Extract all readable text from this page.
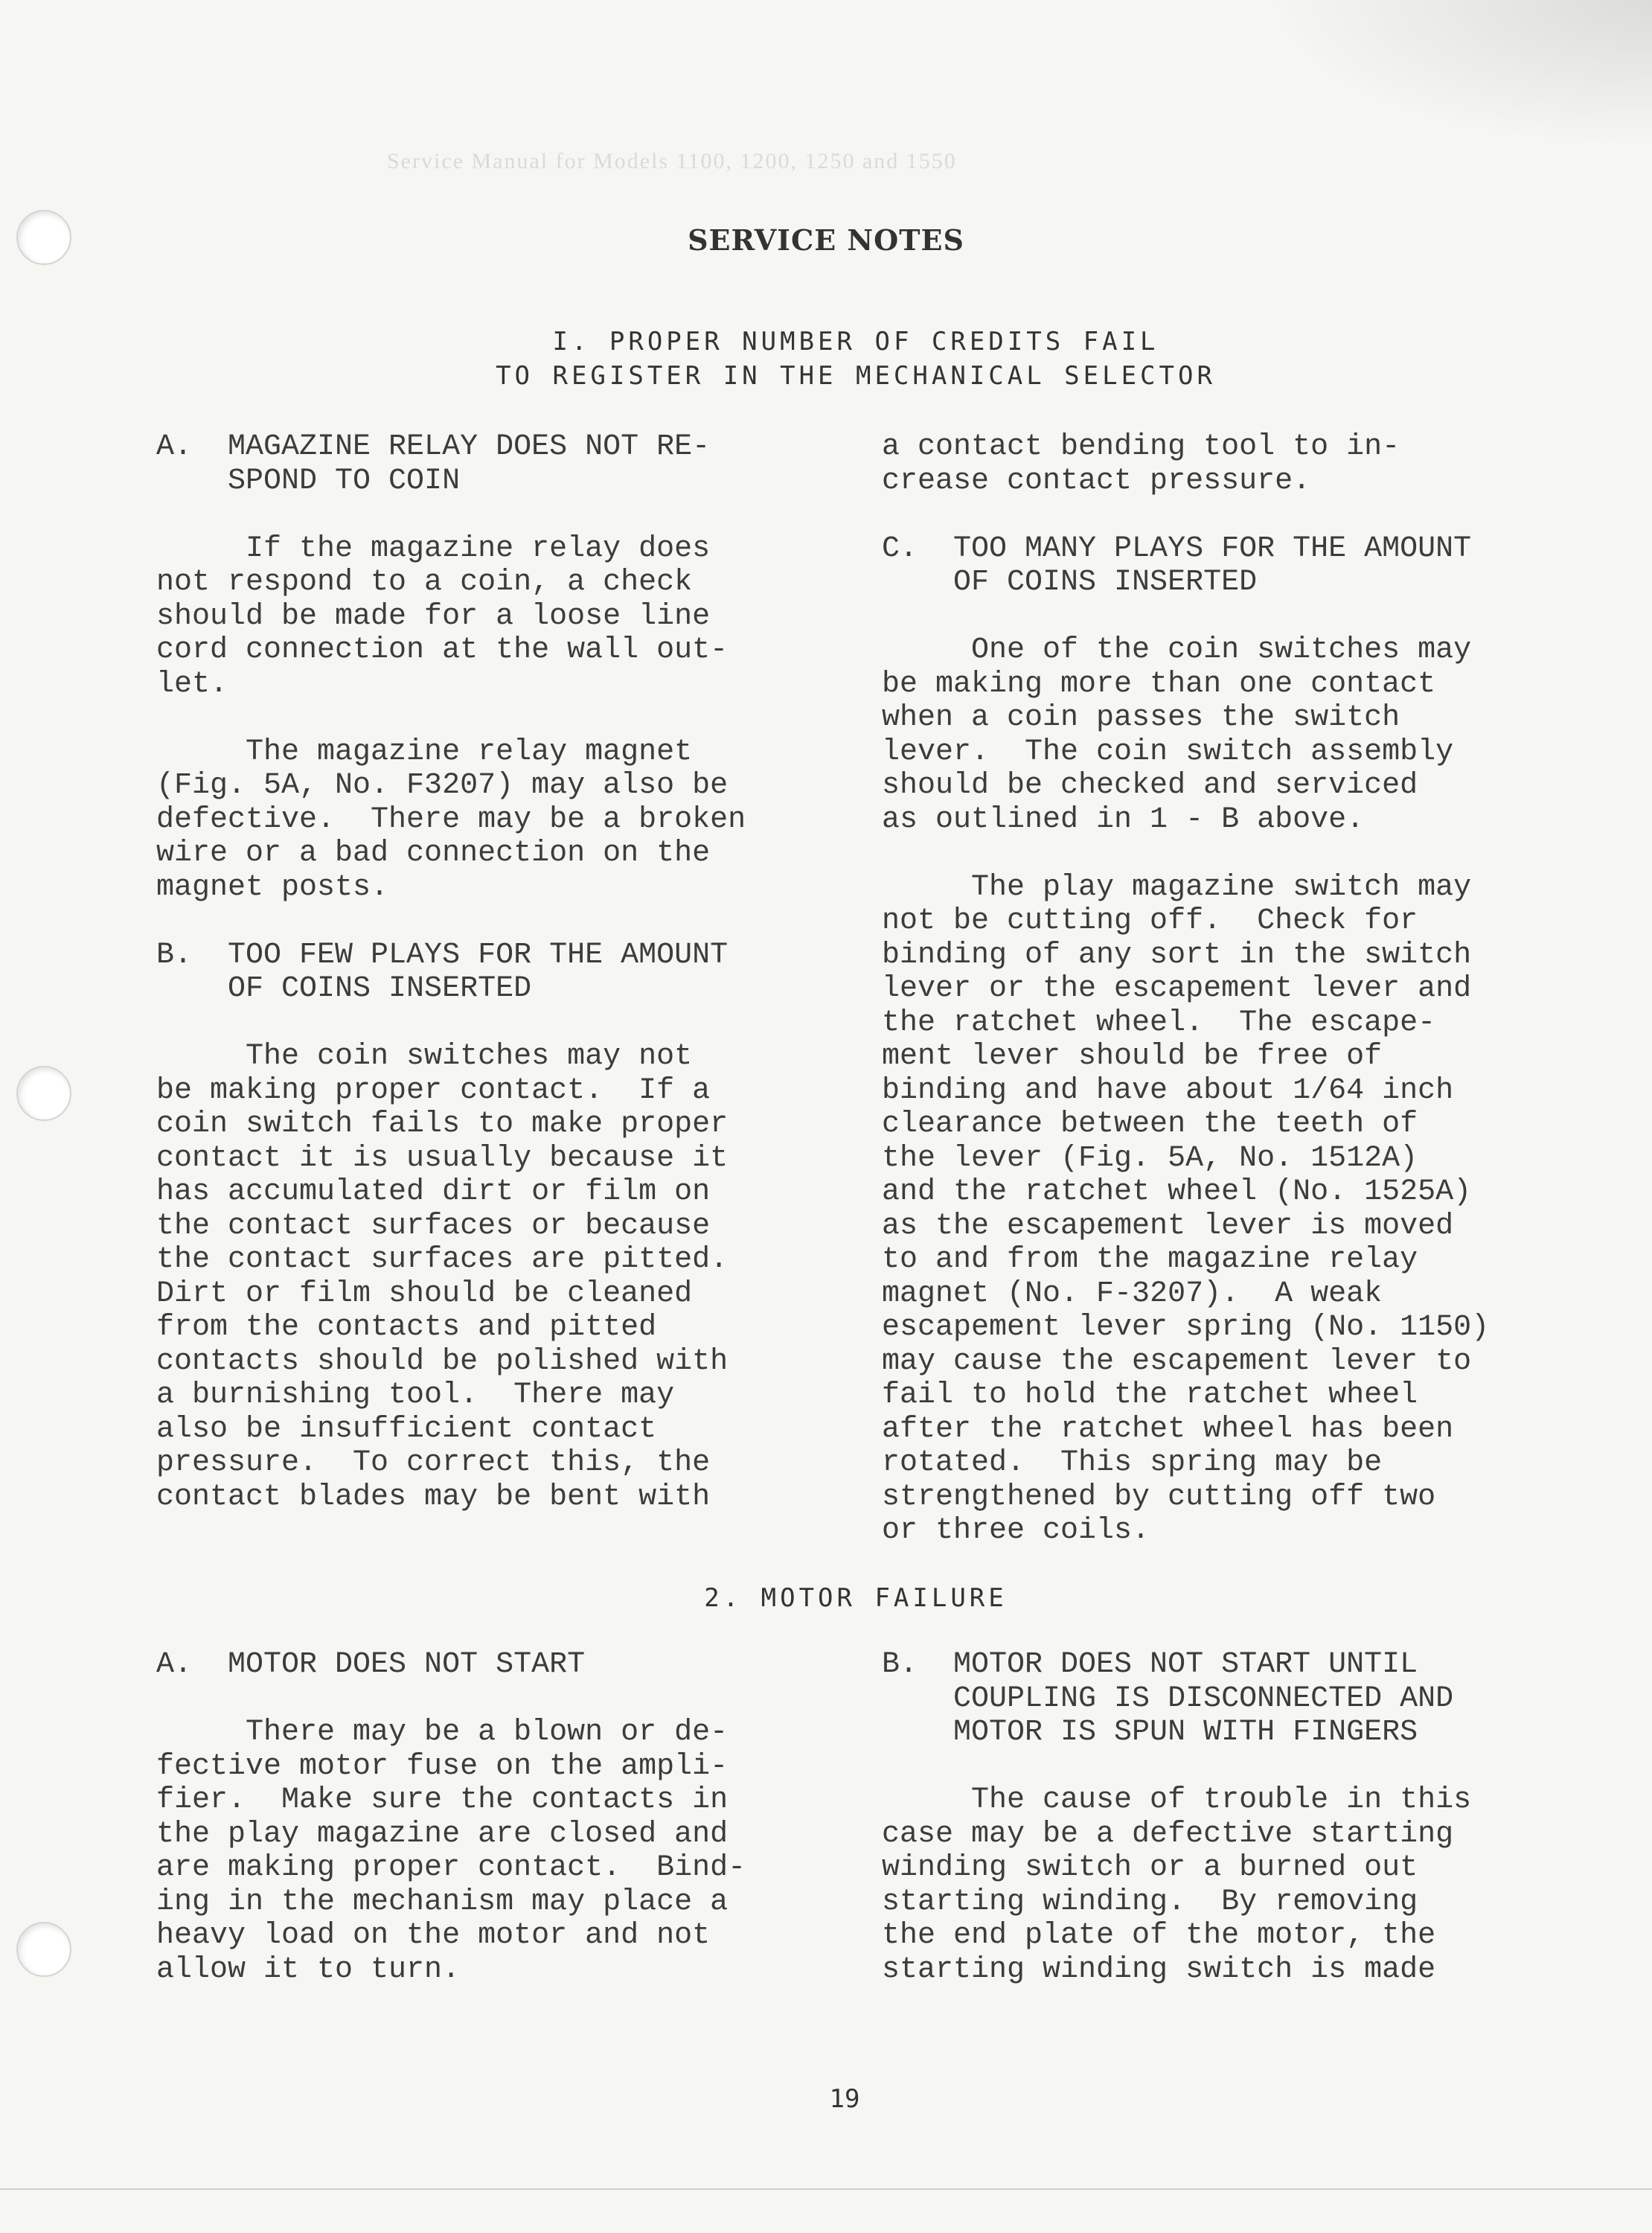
Service Manual for Models 1100, 1200, 1250 and 1550
SERVICE NOTES
I. PROPER NUMBER OF CREDITS FAIL
TO REGISTER IN THE MECHANICAL SELECTOR
A.  MAGAZINE RELAY DOES NOT RE-
SPOND TO COIN

If the magazine relay does
not respond to a coin, a check
should be made for a loose line
cord connection at the wall out-
let.

The magazine relay magnet
(Fig. 5A, No. F3207) may also be
defective.  There may be a broken
wire or a bad connection on the
magnet posts.

B.  TOO FEW PLAYS FOR THE AMOUNT
OF COINS INSERTED

The coin switches may not
be making proper contact.  If a
coin switch fails to make proper
contact it is usually because it
has accumulated dirt or film on
the contact surfaces or because
the contact surfaces are pitted.
Dirt or film should be cleaned
from the contacts and pitted
contacts should be polished with
a burnishing tool.  There may
also be insufficient contact
pressure.  To correct this, the
contact blades may be bent with
a contact bending tool to in-
crease contact pressure.

C.  TOO MANY PLAYS FOR THE AMOUNT
OF COINS INSERTED

One of the coin switches may
be making more than one contact
when a coin passes the switch
lever.  The coin switch assembly
should be checked and serviced
as outlined in 1 - B above.

The play magazine switch may
not be cutting off.  Check for
binding of any sort in the switch
lever or the escapement lever and
the ratchet wheel.  The escape-
ment lever should be free of
binding and have about 1/64 inch
clearance between the teeth of
the lever (Fig. 5A, No. 1512A)
and the ratchet wheel (No. 1525A)
as the escapement lever is moved
to and from the magazine relay
magnet (No. F-3207).  A weak
escapement lever spring (No. 1150)
may cause the escapement lever to
fail to hold the ratchet wheel
after the ratchet wheel has been
rotated.  This spring may be
strengthened by cutting off two
or three coils.
2. MOTOR FAILURE
A.  MOTOR DOES NOT START

There may be a blown or de-
fective motor fuse on the ampli-
fier.  Make sure the contacts in
the play magazine are closed and
are making proper contact.  Bind-
ing in the mechanism may place a
heavy load on the motor and not
allow it to turn.
B.  MOTOR DOES NOT START UNTIL
COUPLING IS DISCONNECTED AND
MOTOR IS SPUN WITH FINGERS

The cause of trouble in this
case may be a defective starting
winding switch or a burned out
starting winding.  By removing
the end plate of the motor, the
starting winding switch is made
19
